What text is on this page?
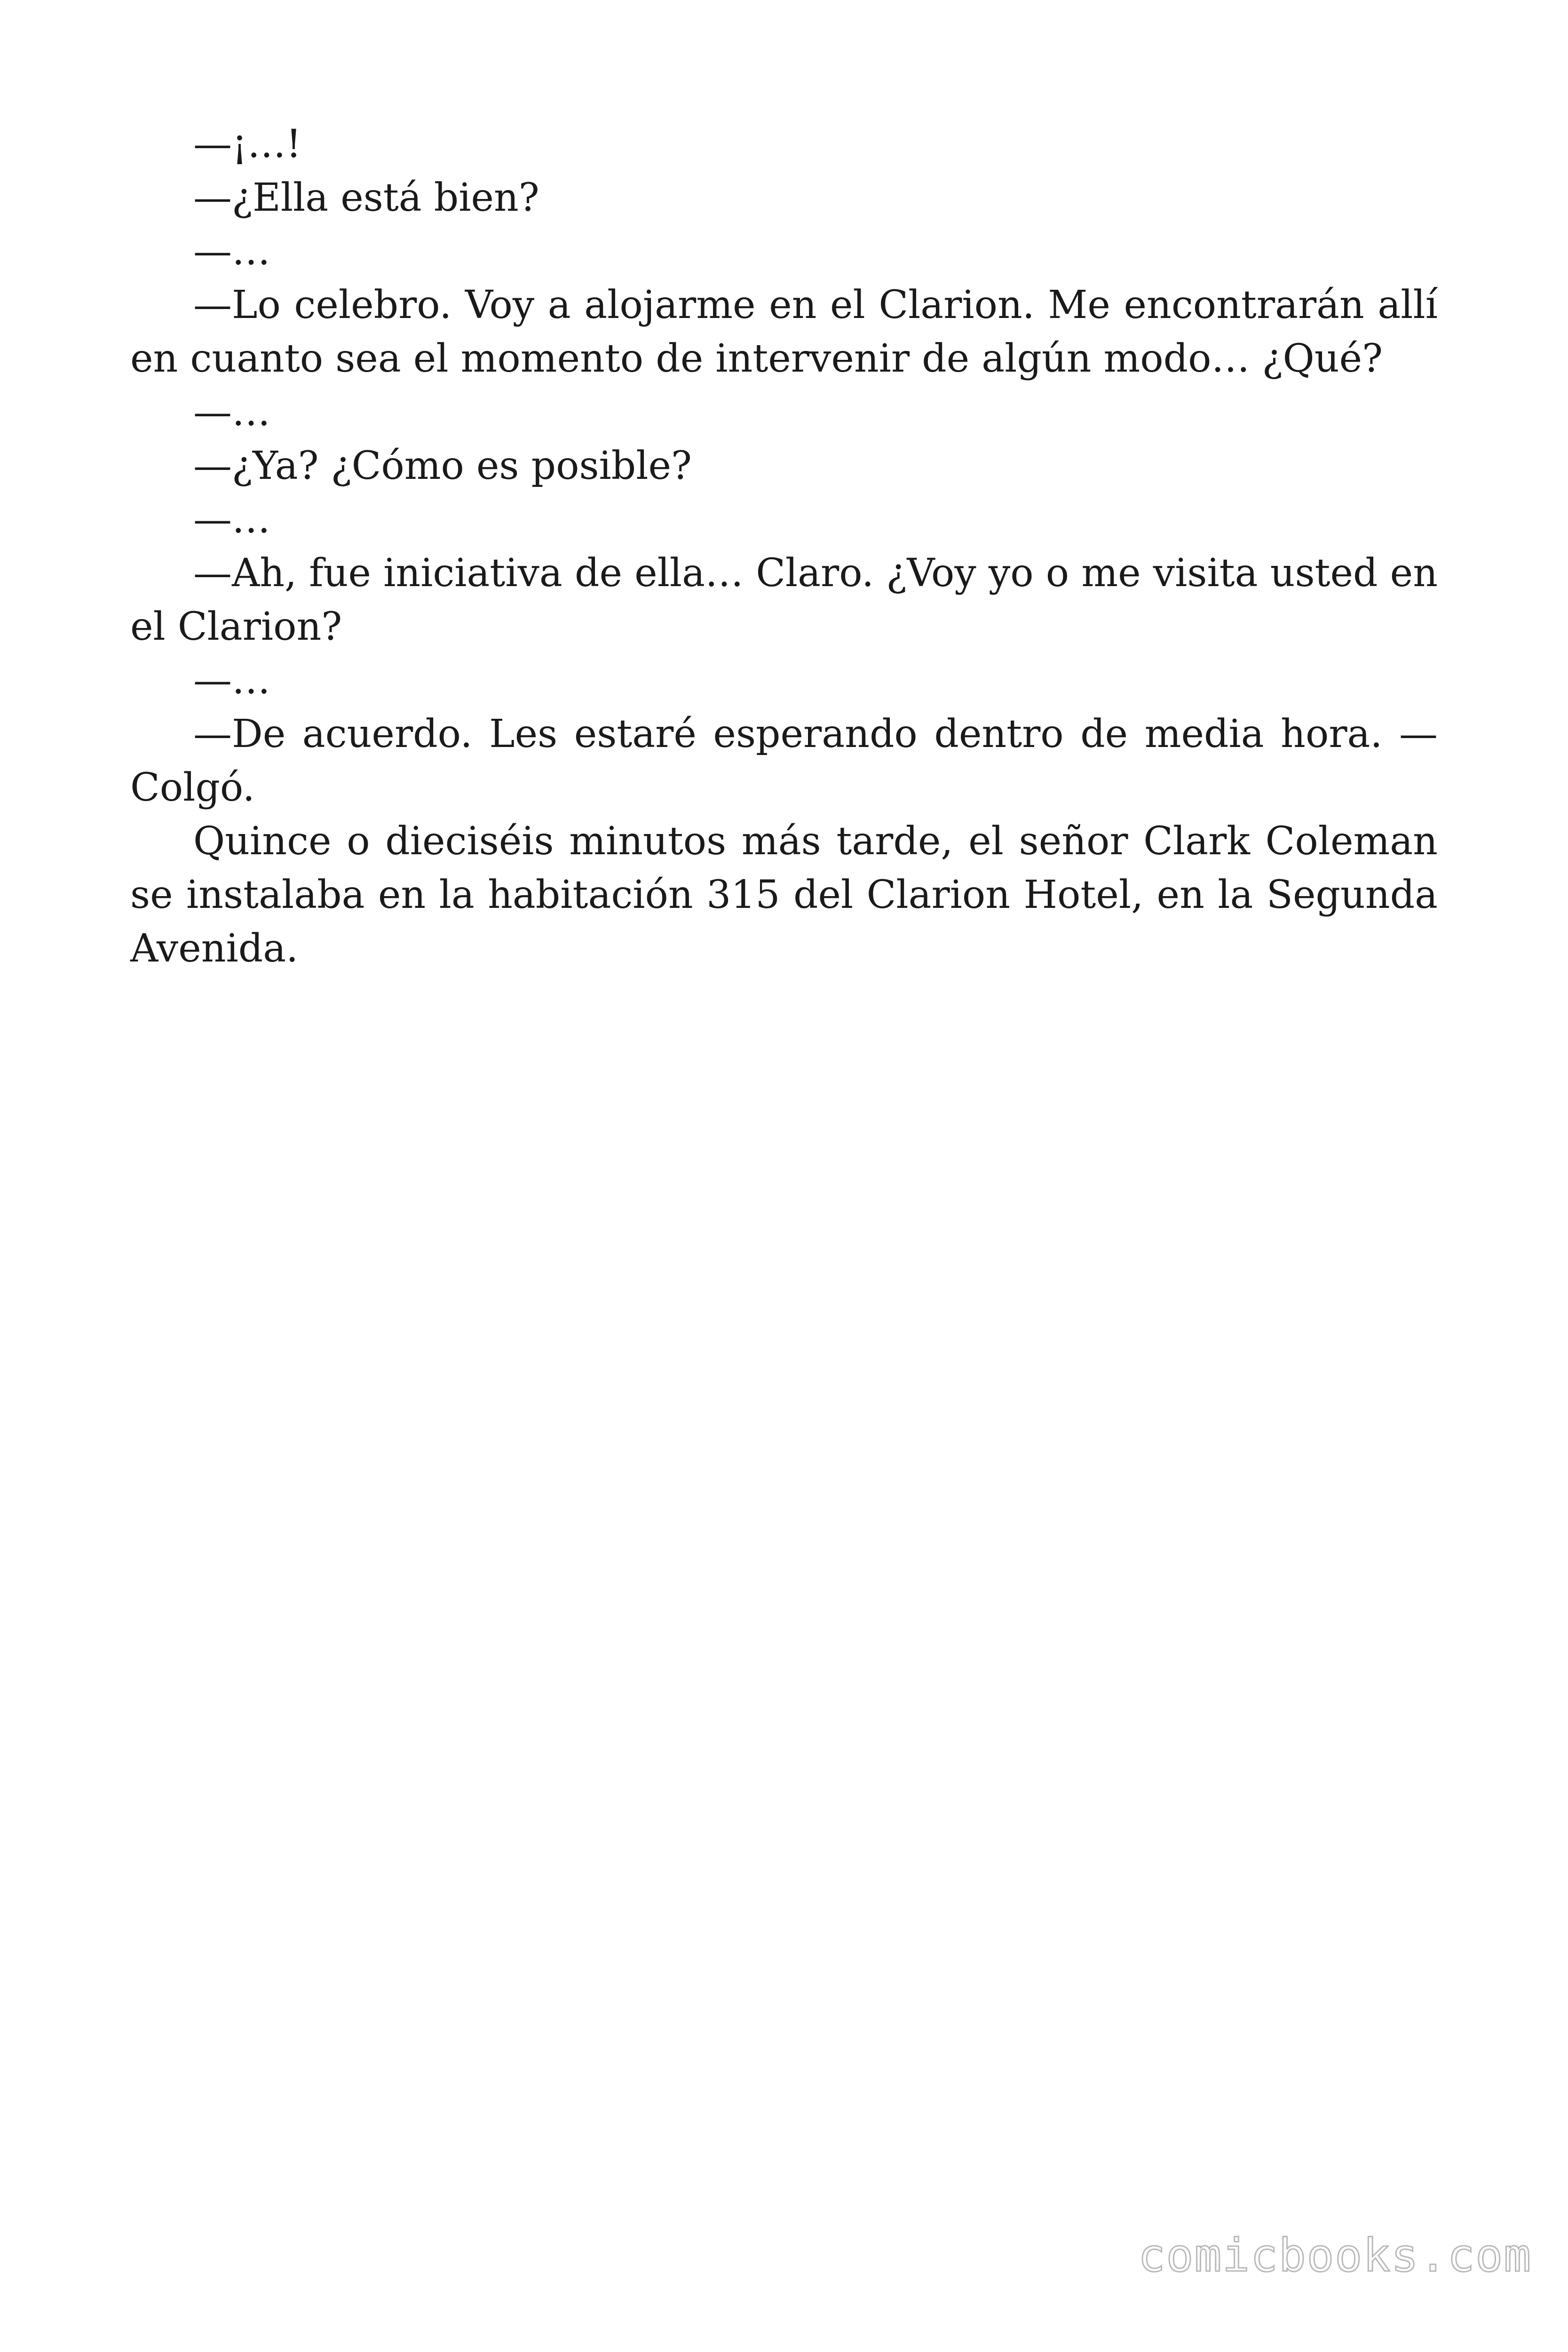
—¡…!

—¿Ella está bien?

—…

—Lo celebro. Voy a alojarme en el Clarion. Me encontrarán allí en cuanto sea el momento de intervenir de algún modo… ¿Qué?

—…

—¿Ya? ¿Cómo es posible?

—…

—Ah, fue iniciativa de ella… Claro. ¿Voy yo o me visita usted en el Clarion?

—…

—De acuerdo. Les estaré esperando dentro de media hora. —Colgó.

Quince o dieciséis minutos más tarde, el señor Clark Coleman se instalaba en la habitación 315 del Clarion Hotel, en la Segunda Avenida.

comicbooks.com
